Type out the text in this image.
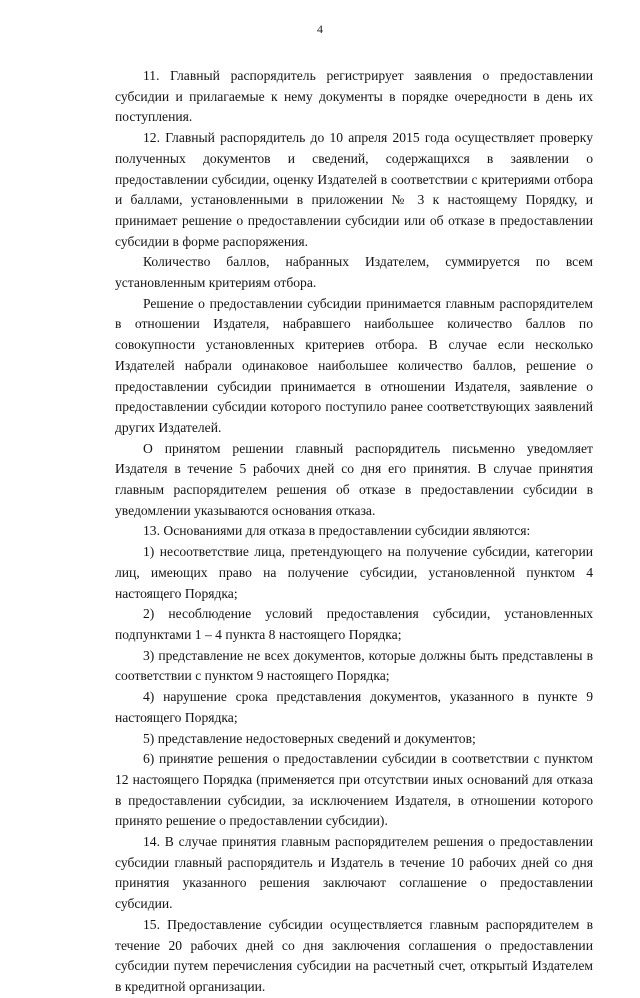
4

11. Главный распорядитель регистрирует заявления о предоставлении субсидии и прилагаемые к нему документы в порядке очередности в день их поступления.

12. Главный распорядитель до 10 апреля 2015 года осуществляет проверку полученных документов и сведений, содержащихся в заявлении о предоставлении субсидии, оценку Издателей в соответствии с критериями отбора и баллами, установленными в приложении № 3 к настоящему Порядку, и принимает решение о предоставлении субсидии или об отказе в предоставлении субсидии в форме распоряжения.

Количество баллов, набранных Издателем, суммируется по всем установленным критериям отбора.

Решение о предоставлении субсидии принимается главным распорядителем в отношении Издателя, набравшего наибольшее количество баллов по совокупности установленных критериев отбора. В случае если несколько Издателей набрали одинаковое наибольшее количество баллов, решение о предоставлении субсидии принимается в отношении Издателя, заявление о предоставлении субсидии которого поступило ранее соответствующих заявлений других Издателей.

О принятом решении главный распорядитель письменно уведомляет Издателя в течение 5 рабочих дней со дня его принятия. В случае принятия главным распорядителем решения об отказе в предоставлении субсидии в уведомлении указываются основания отказа.

13. Основаниями для отказа в предоставлении субсидии являются:

1) несоответствие лица, претендующего на получение субсидии, категории лиц, имеющих право на получение субсидии, установленной пунктом 4 настоящего Порядка;

2) несоблюдение условий предоставления субсидии, установленных подпунктами 1 – 4 пункта 8 настоящего Порядка;

3) представление не всех документов, которые должны быть представлены в соответствии с пунктом 9 настоящего Порядка;

4) нарушение срока представления документов, указанного в пункте 9 настоящего Порядка;

5) представление недостоверных сведений и документов;

6) принятие решения о предоставлении субсидии в соответствии с пунктом 12 настоящего Порядка (применяется при отсутствии иных оснований для отказа в предоставлении субсидии, за исключением Издателя, в отношении которого принято решение о предоставлении субсидии).

14. В случае принятия главным распорядителем решения о предоставлении субсидии главный распорядитель и Издатель в течение 10 рабочих дней со дня принятия указанного решения заключают соглашение о предоставлении субсидии.

15. Предоставление субсидии осуществляется главным распорядителем в течение 20 рабочих дней со дня заключения соглашения о предоставлении субсидии путем перечисления субсидии на расчетный счет, открытый Издателем в кредитной организации.
